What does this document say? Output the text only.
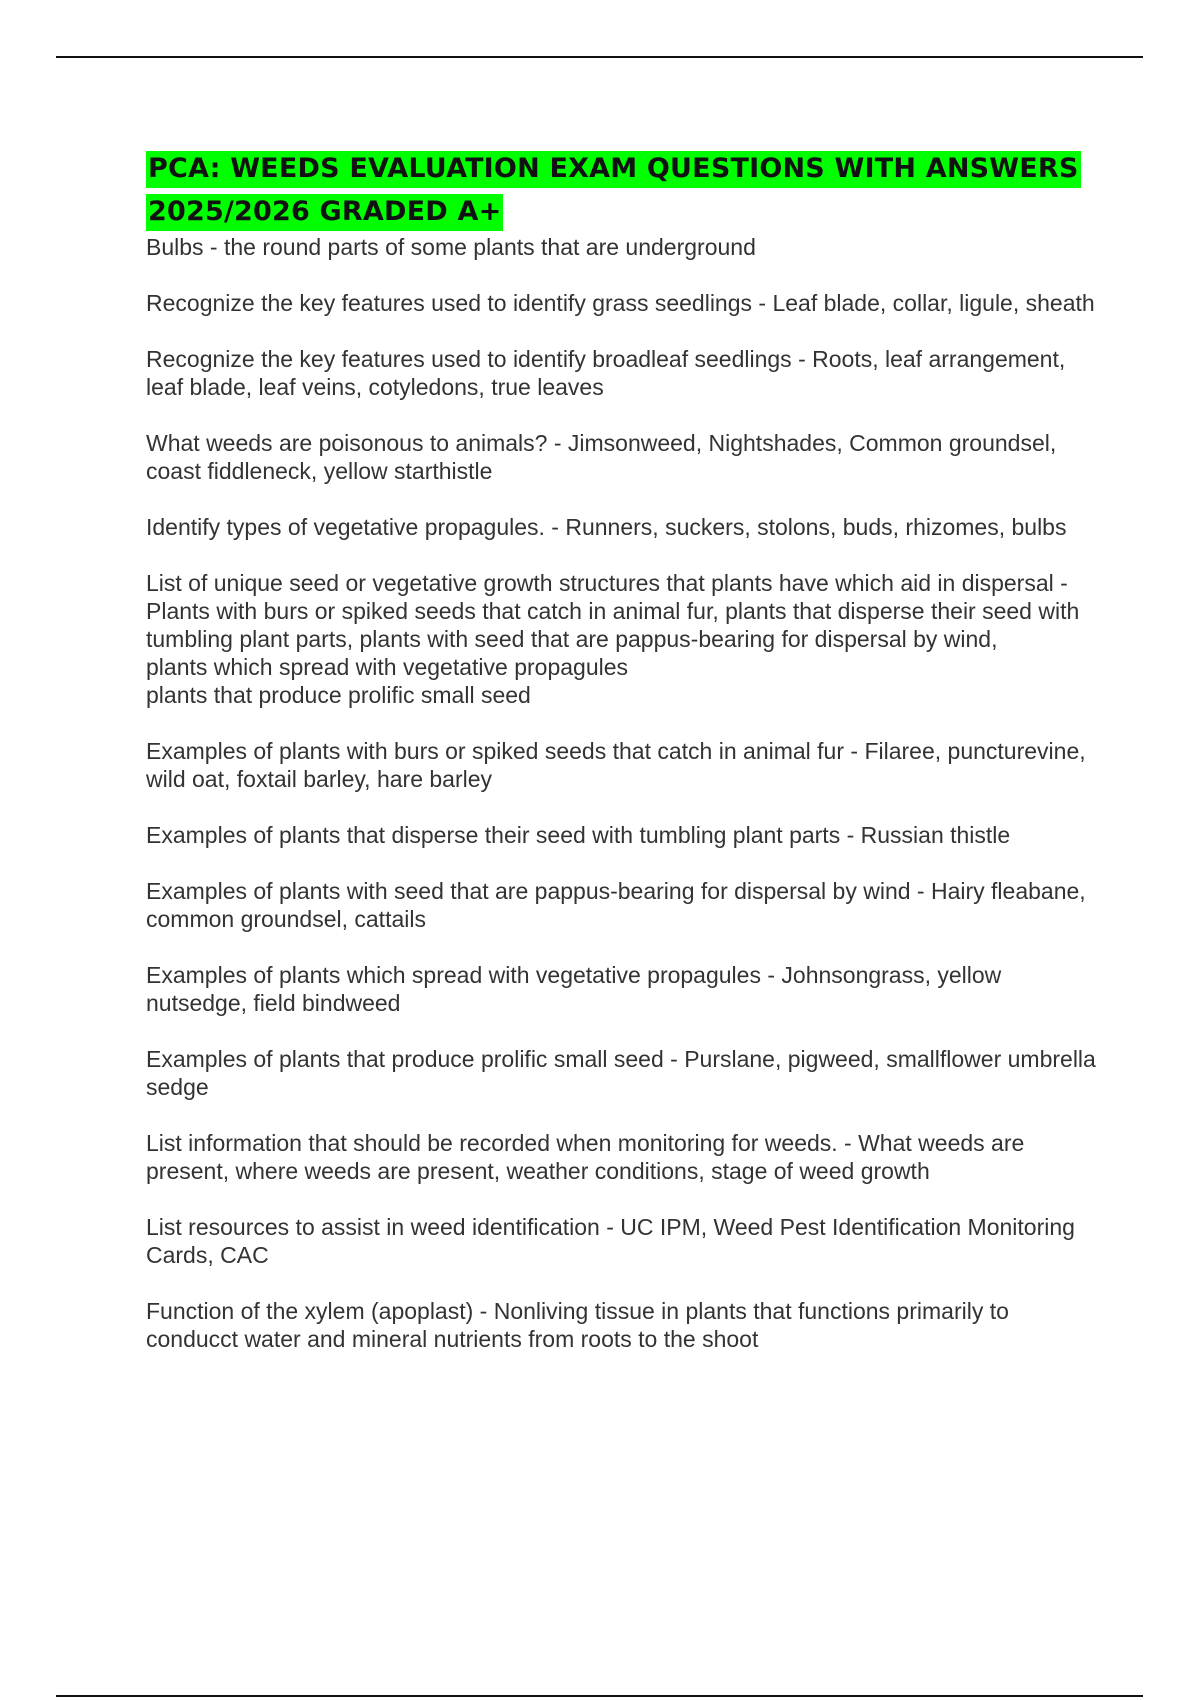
PCA: WEEDS EVALUATION EXAM QUESTIONS WITH ANSWERS 2025/2026 GRADED A+

Bulbs - the round parts of some plants that are underground

Recognize the key features used to identify grass seedlings - Leaf blade, collar, ligule, sheath

Recognize the key features used to identify broadleaf seedlings - Roots, leaf arrangement, leaf blade, leaf veins, cotyledons, true leaves

What weeds are poisonous to animals? - Jimsonweed, Nightshades, Common groundsel, coast fiddleneck, yellow starthistle

Identify types of vegetative propagules. - Runners, suckers, stolons, buds, rhizomes, bulbs

List of unique seed or vegetative growth structures that plants have which aid in dispersal - Plants with burs or spiked seeds that catch in animal fur, plants that disperse their seed with tumbling plant parts, plants with seed that are pappus-bearing for dispersal by wind,
plants which spread with vegetative propagules
plants that produce prolific small seed

Examples of plants with burs or spiked seeds that catch in animal fur - Filaree, puncturevine, wild oat, foxtail barley, hare barley

Examples of plants that disperse their seed with tumbling plant parts - Russian thistle

Examples of plants with seed that are pappus-bearing for dispersal by wind - Hairy fleabane, common groundsel, cattails

Examples of plants which spread with vegetative propagules - Johnsongrass, yellow nutsedge, field bindweed

Examples of plants that produce prolific small seed - Purslane, pigweed, smallflower umbrella sedge

List information that should be recorded when monitoring for weeds. - What weeds are present, where weeds are present, weather conditions, stage of weed growth

List resources to assist in weed identification - UC IPM, Weed Pest Identification Monitoring Cards, CAC

Function of the xylem (apoplast) - Nonliving tissue in plants that functions primarily to conducct water and mineral nutrients from roots to the shoot
